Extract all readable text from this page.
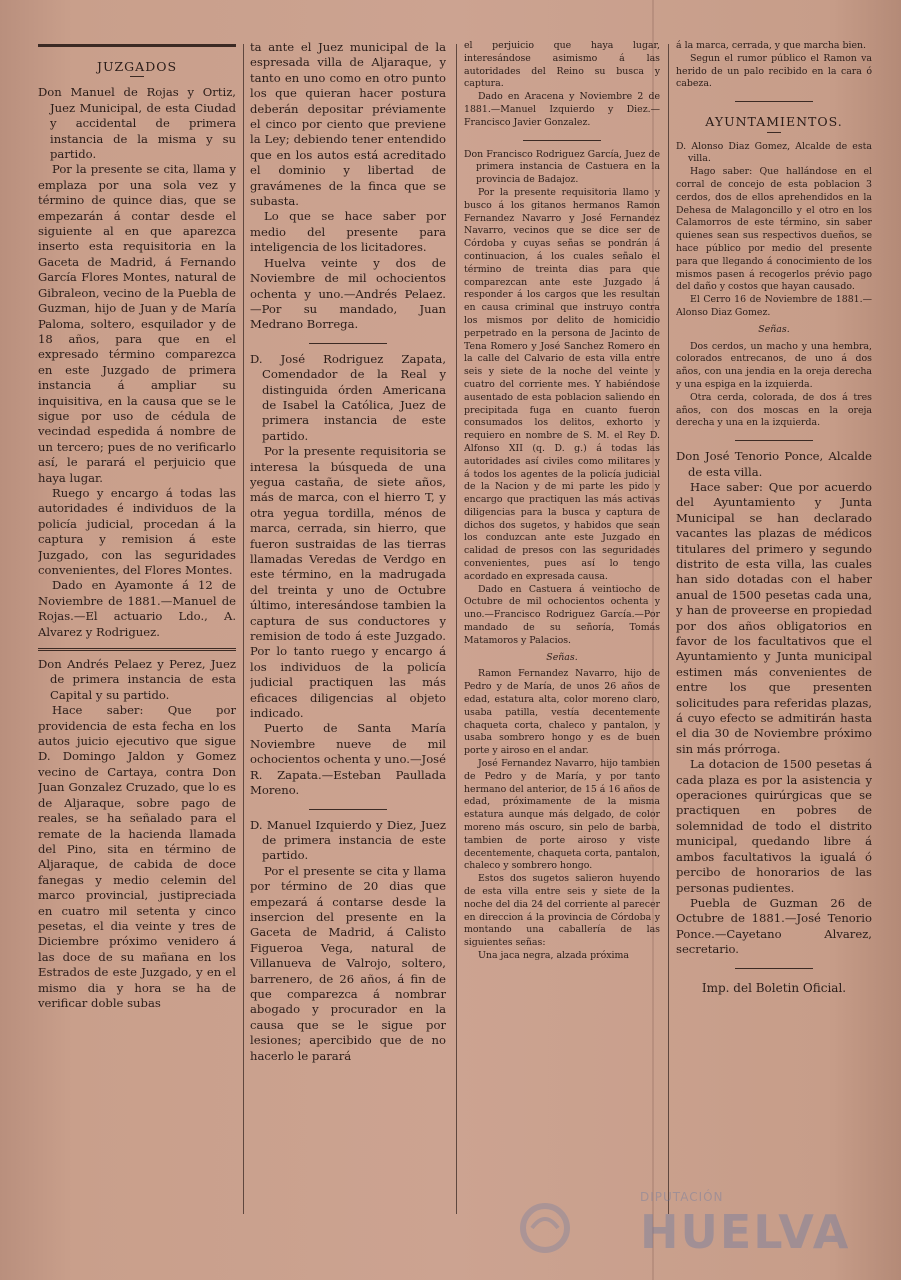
JUZGADOS

Don Manuel de Rojas y Ortiz, Juez Municipal, de esta Ciudad y accidental de primera instancia de la misma y su partido.

Por la presente se cita, llama y emplaza por una sola vez y término de quince dias, que se empezarán á contar desde el siguiente al en que aparezca inserto esta requisitoria en la Gaceta de Madrid, á Fernando García Flores Montes, natural de Gibraleon, vecino de la Puebla de Guzman, hijo de Juan y de María Paloma, soltero, esquilador y de 18 años, para que en el expresado término comparezca en este Juzgado de primera instancia á ampliar su inquisitiva, en la causa que se le sigue por uso de cédula de vecindad espedida á nombre de un tercero; pues de no verificarlo así, le parará el perjuicio que haya lugar.

Ruego y encargo á todas las autoridades é individuos de la policía judicial, procedan á la captura y remision á este Juzgado, con las seguridades convenientes, del Flores Montes.

Dado en Ayamonte á 12 de Noviembre de 1881.—Manuel de Rojas.—El actuario Ldo., A. Alvarez y Rodriguez.

Don Andrés Pelaez y Perez, Juez de primera instancia de esta Capital y su partido.

Hace saber: Que por providencia de esta fecha en los autos juicio ejecutivo que sigue D. Domingo Jaldon y Gomez vecino de Cartaya, contra Don Juan Gonzalez Cruzado, que lo es de Aljaraque, sobre pago de reales, se ha señalado para el remate de la hacienda llamada del Pino, sita en término de Aljaraque, de cabida de doce fanegas y medio celemin del marco provincial, justipreciada en cuatro mil setenta y cinco pesetas, el dia veinte y tres de Diciembre próximo venidero á las doce de su mañana en los Estrados de este Juzgado, y en el mismo dia y hora se ha de verificar doble subas

ta ante el Juez municipal de la espresada villa de Aljaraque, y tanto en uno como en otro punto los que quieran hacer postura deberán depositar préviamente el cinco por ciento que previene la Ley; debiendo tener entendido que en los autos está acreditado el dominio y libertad de gravámenes de la finca que se subasta.

Lo que se hace saber por medio del presente para inteligencia de los licitadores.

Huelva veinte y dos de Noviembre de mil ochocientos ochenta y uno.—Andrés Pelaez.—Por su mandado, Juan Medrano Borrega.

D. José Rodriguez Zapata, Comendador de la Real y distinguida órden Americana de Isabel la Católica, Juez de primera instancia de este partido.

Por la presente requisitoria se interesa la búsqueda de una yegua castaña, de siete años, más de marca, con el hierro T, y otra yegua tordilla, ménos de marca, cerrada, sin hierro, que fueron sustraidas de las tierras llamadas Veredas de Verdgo en este término, en la madrugada del treinta y uno de Octubre último, interesándose tambien la captura de sus conductores y remision de todo á este Juzgado. Por lo tanto ruego y encargo á los individuos de la policía judicial practiquen las más eficaces diligencias al objeto indicado.

Puerto de Santa María Noviembre nueve de mil ochocientos ochenta y uno.—José R. Zapata.—Esteban Paullada Moreno.

D. Manuel Izquierdo y Diez, Juez de primera instancia de este partido.

Por el presente se cita y llama por término de 20 dias que empezará á contarse desde la insercion del presente en la Gaceta de Madrid, á Calisto Figueroa Vega, natural de Villanueva de Valrojo, soltero, barrenero, de 26 años, á fin de que comparezca á nombrar abogado y procurador en la causa que se le sigue por lesiones; apercibido que de no hacerlo le parará

el perjuicio que haya lugar, interesándose asimismo á las autoridades del Reino su busca y captura.

Dado en Aracena y Noviembre 2 de 1881.—Manuel Izquierdo y Diez.—Francisco Javier Gonzalez.

Don Francisco Rodriguez García, Juez de primera instancia de Castuera en la provincia de Badajoz.

Por la presente requisitoria llamo y busco á los gitanos hermanos Ramon Fernandez Navarro y José Fernandez Navarro, vecinos que se dice ser de Córdoba y cuyas señas se pondrán á continuacion, á los cuales señalo el término de treinta dias para que comparezcan ante este Juzgado á responder á los cargos que les resultan en causa criminal que instruyo contra los mismos por delito de homicidio perpetrado en la persona de Jacinto de Tena Romero y José Sanchez Romero en la calle del Calvario de esta villa entre seis y siete de la noche del veinte y cuatro del corriente mes. Y habiéndose ausentado de esta poblacion saliendo en precipitada fuga en cuanto fueron consumados los delitos, exhorto y requiero en nombre de S. M. el Rey D. Alfonso XII (q. D. g.) á todas las autoridades así civiles como militares y á todos los agentes de la policía judicial de la Nacion y de mi parte les pido y encargo que practiquen las más activas diligencias para la busca y captura de dichos dos sugetos, y habidos que sean los conduzcan ante este Juzgado en calidad de presos con las seguridades convenientes, pues así lo tengo acordado en expresada causa.

Dado en Castuera á veintiocho de Octubre de mil ochocientos ochenta y uno.—Francisco Rodriguez García.—Por mandado de su señoría, Tomás Matamoros y Palacios.

Señas.

Ramon Fernandez Navarro, hijo de Pedro y de María, de unos 26 años de edad, estatura alta, color moreno claro, usaba patilla, vestía decentemente chaqueta corta, chaleco y pantalon, y usaba sombrero hongo y es de buen porte y airoso en el andar.

José Fernandez Navarro, hijo tambien de Pedro y de María, y por tanto hermano del anterior, de 15 á 16 años de edad, próximamente de la misma estatura aunque más delgado, de color moreno más oscuro, sin pelo de barba, tambien de porte airoso y viste decentemente, chaqueta corta, pantalon, chaleco y sombrero hongo.

Estos dos sugetos salieron huyendo de esta villa entre seis y siete de la noche del dia 24 del corriente al parecer en direccion á la provincia de Córdoba y montando una caballería de las siguientes señas:

Una jaca negra, alzada próxima

á la marca, cerrada, y que marcha bien.

Segun el rumor público el Ramon va herido de un palo recibido en la cara ó cabeza.

AYUNTAMIENTOS.

D. Alonso Diaz Gomez, Alcalde de esta villa.

Hago saber: Que hallándose en el corral de concejo de esta poblacion 3 cerdos, dos de ellos aprehendidos en la Dehesa de Malagoncillo y el otro en los Calamorros de este término, sin saber quienes sean sus respectivos dueños, se hace público por medio del presente para que llegando á conocimiento de los mismos pasen á recogerlos prévio pago del daño y costos que hayan causado.

El Cerro 16 de Noviembre de 1881.—Alonso Diaz Gomez.

Señas.

Dos cerdos, un macho y una hembra, colorados entrecanos, de uno á dos años, con una jendia en la oreja derecha y una espiga en la izquierda.

Otra cerda, colorada, de dos á tres años, con dos moscas en la oreja derecha y una en la izquierda.

Don José Tenorio Ponce, Alcalde de esta villa.

Hace saber: Que por acuerdo del Ayuntamiento y Junta Municipal se han declarado vacantes las plazas de médicos titulares del primero y segundo distrito de esta villa, las cuales han sido dotadas con el haber anual de 1500 pesetas cada una, y han de proveerse en propiedad por dos años obligatorios en favor de los facultativos que el Ayuntamiento y Junta municipal estimen más convenientes de entre los que presenten solicitudes para referidas plazas, á cuyo efecto se admitirán hasta el dia 30 de Noviembre próximo sin más prórroga.

La dotacion de 1500 pesetas á cada plaza es por la asistencia y operaciones quirúrgicas que se practiquen en pobres de solemnidad de todo el distrito municipal, quedando libre á ambos facultativos la igualá ó percibo de honorarios de las personas pudientes.

Puebla de Guzman 26 de Octubre de 1881.—José Tenorio Ponce.—Cayetano Alvarez, secretario.

Imp. del Boletin Oficial.

DIPUTACIÓN
HUELVA
